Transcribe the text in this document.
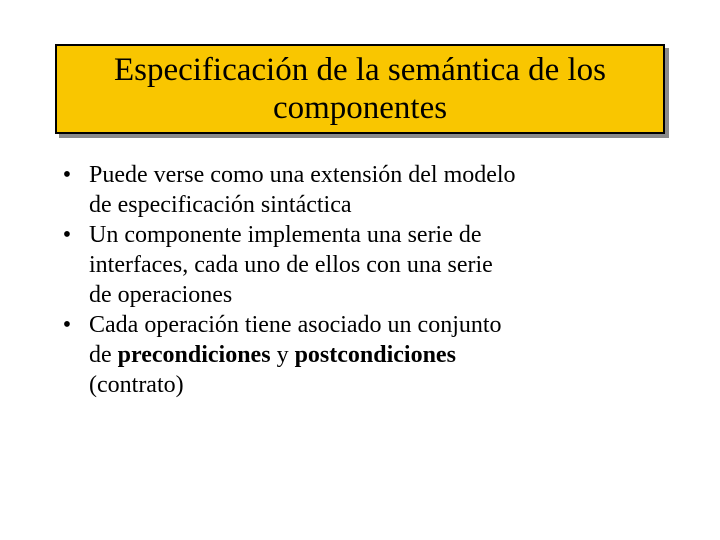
Especificación de la semántica de los
componentes
• Puede verse como una extensión del modelo
de especificación sintáctica
• Un componente implementa una serie de
interfaces, cada uno de ellos con una serie
de operaciones
• Cada operación tiene asociado un conjunto
de precondiciones y postcondiciones
(contrato)
